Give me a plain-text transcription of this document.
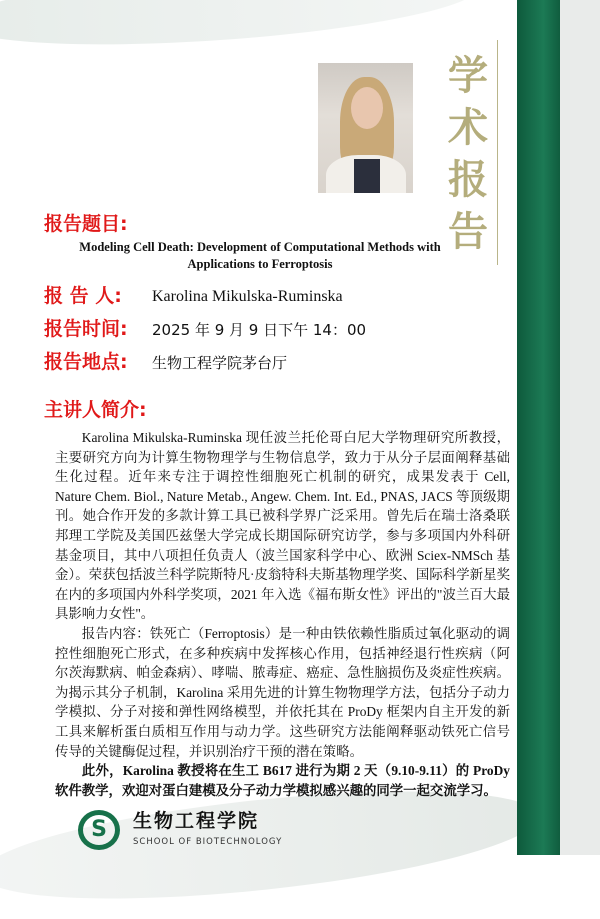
学
术
报
告
报告题目:
Modeling Cell Death: Development of Computational Methods with
Applications to Ferroptosis
报 告 人: Karolina Mikulska-Ruminska
报告时间: 2025 年 9 月 9 日下午 14：00
报告地点: 生物工程学院茅台厅
主讲人简介:

Karolina Mikulska-Ruminska 现任波兰托伦哥白尼大学物理研究所教授，主要研究方向为计算生物物理学与生物信息学，致力于从分子层面阐释基础生化过程。近年来专注于调控性细胞死亡机制的研究，成果发表于 Cell, Nature Chem. Biol., Nature Metab., Angew. Chem. Int. Ed., PNAS, JACS 等顶级期刊。她合作开发的多款计算工具已被科学界广泛采用。曾先后在瑞士洛桑联邦理工学院及美国匹兹堡大学完成长期国际研究访学，参与多项国内外科研基金项目，其中八项担任负责人（波兰国家科学中心、欧洲 Sciex-NMSch 基金）。荣获包括波兰科学院斯特凡·皮翁特科夫斯基物理学奖、国际科学新星奖在内的多项国内外科学奖项，2021 年入选《福布斯女性》评出的"波兰百大最具影响力女性"。

报告内容：铁死亡（Ferroptosis）是一种由铁依赖性脂质过氧化驱动的调控性细胞死亡形式，在多种疾病中发挥核心作用，包括神经退行性疾病（阿尔茨海默病、帕金森病）、哮喘、脓毒症、癌症、急性脑损伤及炎症性疾病。为揭示其分子机制，Karolina 采用先进的计算生物物理学方法，包括分子动力学模拟、分子对接和弹性网络模型，并依托其在 ProDy 框架内自主开发的新工具来解析蛋白质相互作用与动力学。这些研究方法能阐释驱动铁死亡信号传导的关键酶促过程，并识别治疗干预的潜在策略。

此外，Karolina 教授将在生工 B617 进行为期 2 天（9.10-9.11）的 ProDy 软件教学，欢迎对蛋白建模及分子动力学模拟感兴趣的同学一起交流学习。

S	生物工程学院
SCHOOL OF BIOTECHNOLOGY
